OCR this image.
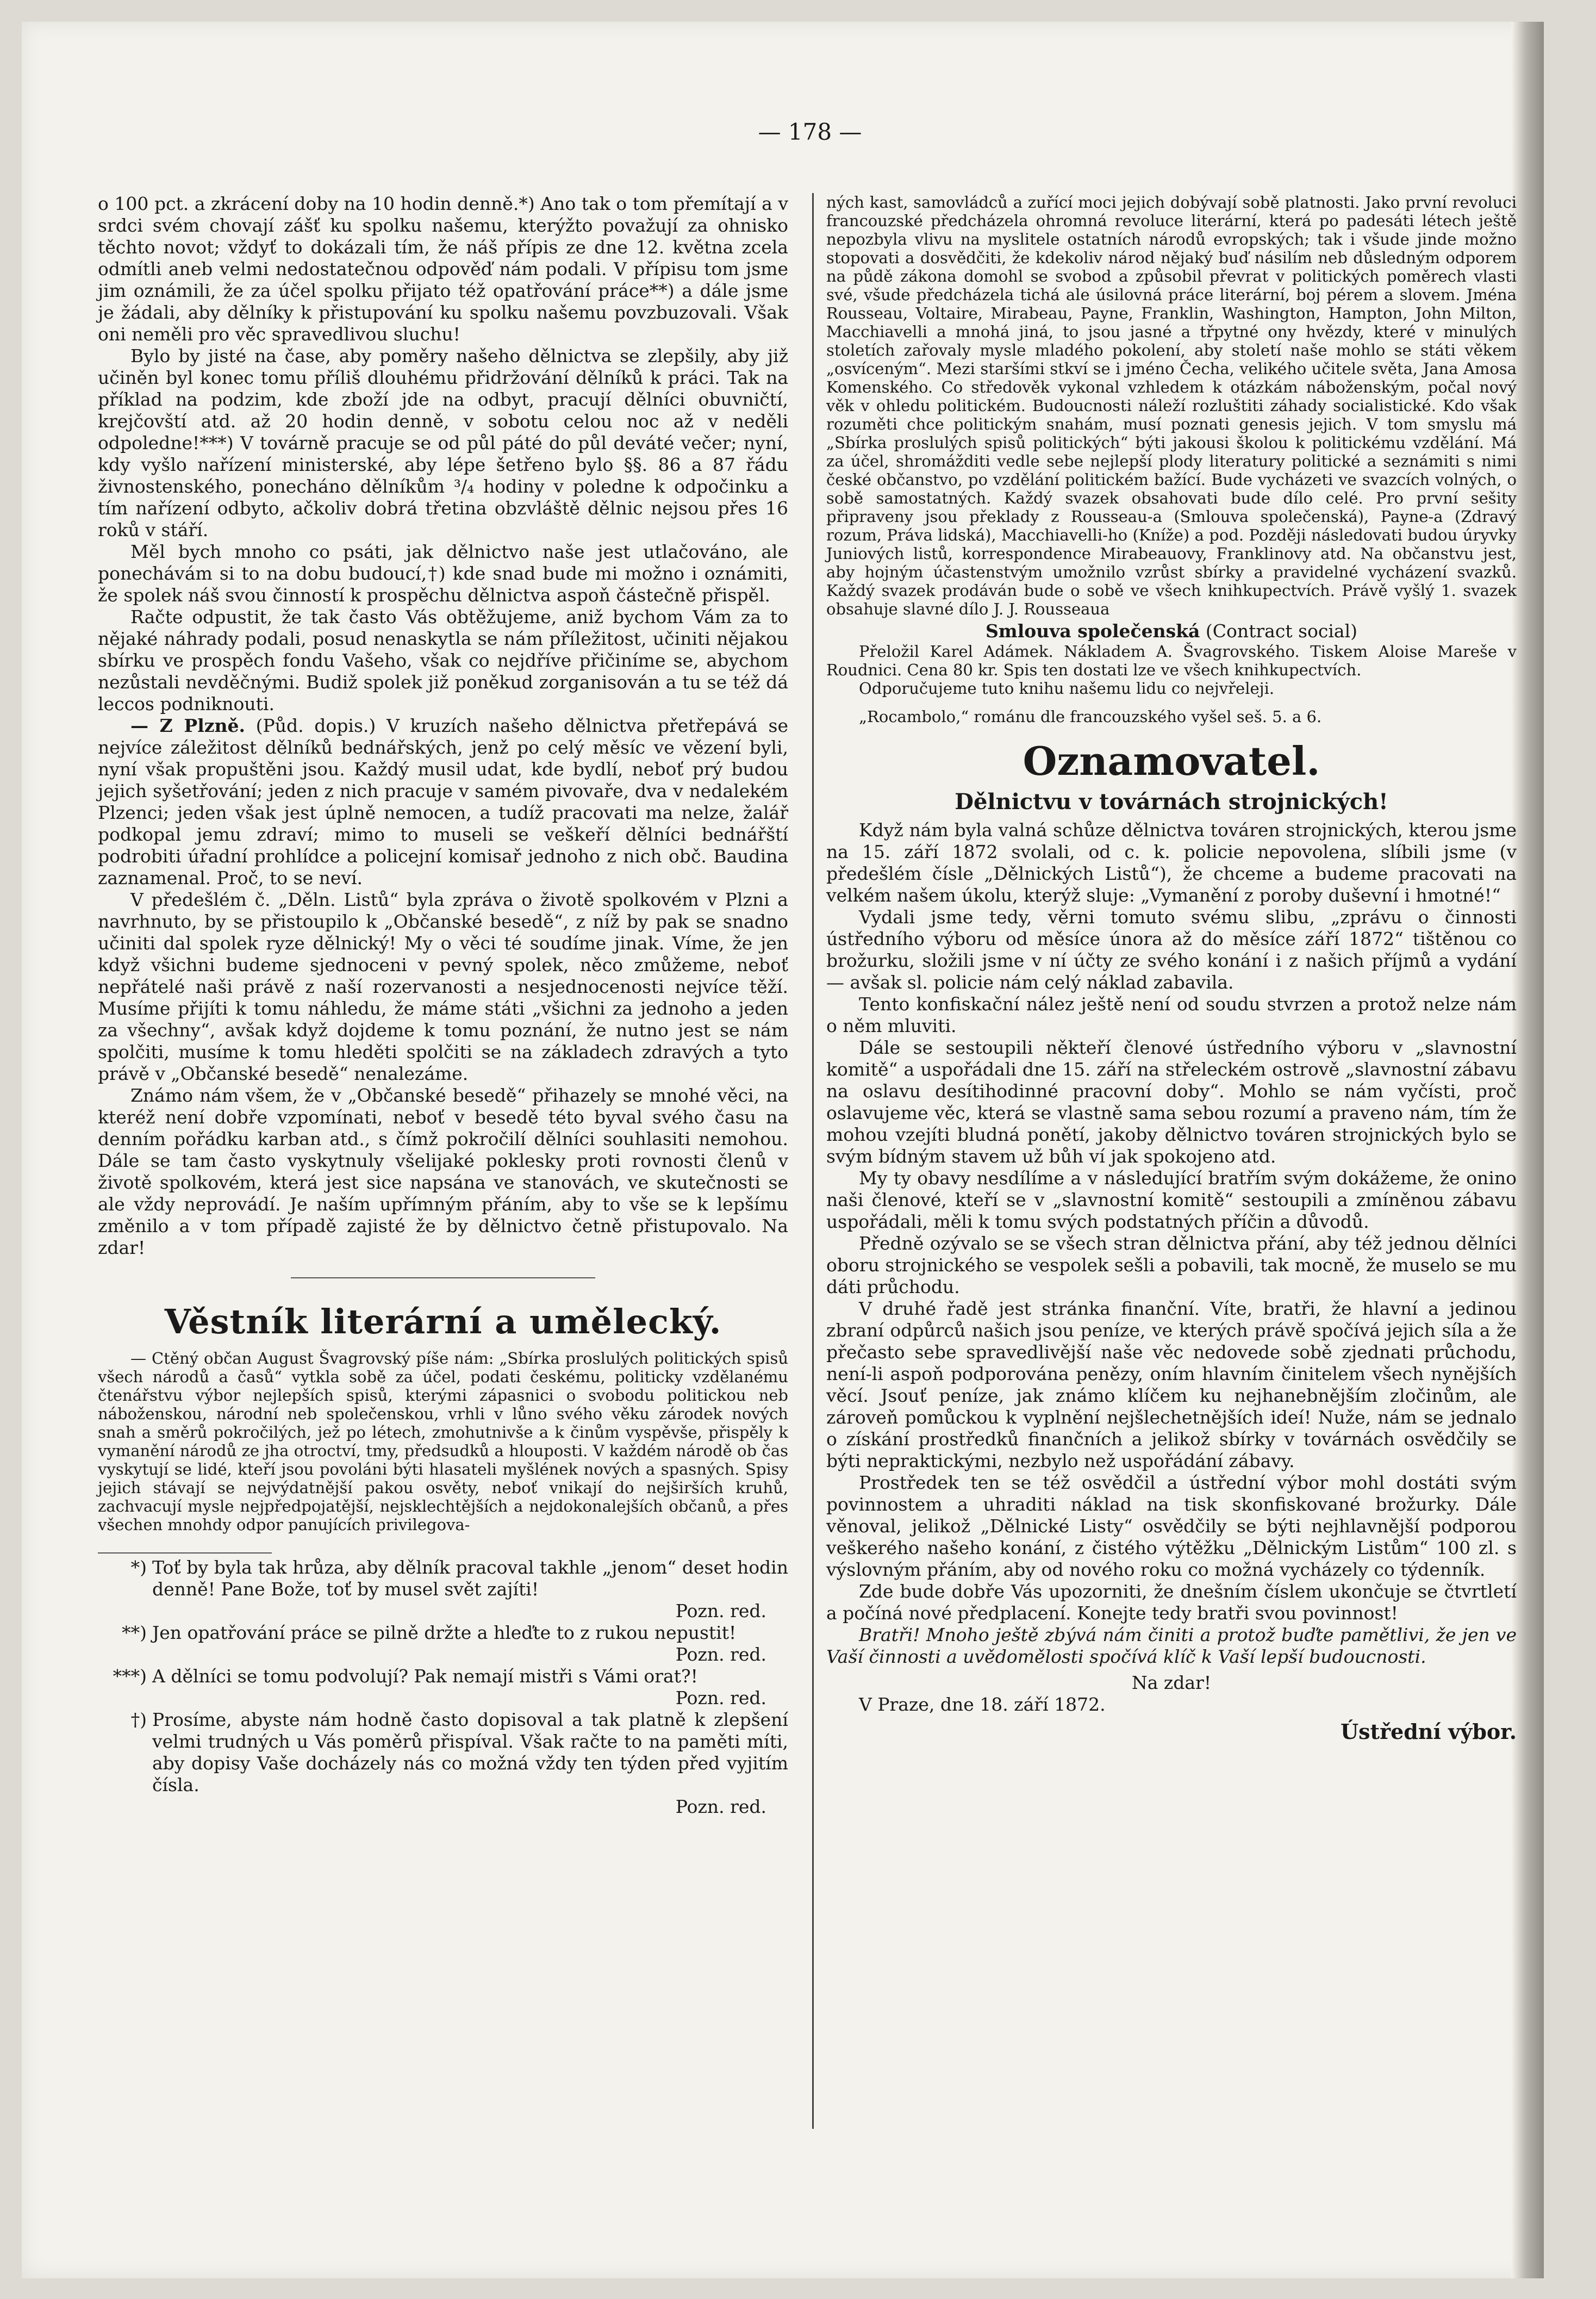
— 178 —

o 100 pct. a zkrácení doby na 10 hodin denně.*) Ano tak o tom přemítají a v srdci svém chovají zášť ku spolku našemu, kterýžto považují za ohnisko těchto novot; vždyť to dokázali tím, že náš přípis ze dne 12. května zcela odmítli aneb velmi nedostatečnou odpověď nám podali. V přípisu tom jsme jim oznámili, že za účel spolku přijato též opatřování práce**) a dále jsme je žádali, aby dělníky k přistupování ku spolku našemu povzbuzovali. Však oni neměli pro věc spravedlivou sluchu!

Bylo by jisté na čase, aby poměry našeho dělnictva se zlepšily, aby již učiněn byl konec tomu příliš dlouhému přidržování dělníků k práci. Tak na příklad na podzim, kde zboží jde na odbyt, pracují dělníci obuvničtí, krejčovští atd. až 20 hodin denně, v sobotu celou noc až v neděli odpoledne!***) V továrně pracuje se od půl páté do půl deváté večer; nyní, kdy vyšlo nařízení ministerské, aby lépe šetřeno bylo §§. 86 a 87 řádu živnostenského, ponecháno dělníkům ³/₄ hodiny v poledne k odpočinku a tím nařízení odbyto, ačkoliv dobrá třetina obzvláště dělnic nejsou přes 16 roků v stáří.

Měl bych mnoho co psáti, jak dělnictvo naše jest utlačováno, ale ponechávám si to na dobu budoucí,†) kde snad bude mi možno i oznámiti, že spolek náš svou činností k prospěchu dělnictva aspoň částečně přispěl.

Račte odpustit, že tak často Vás obtěžujeme, aniž bychom Vám za to nějaké náhrady podali, posud nenaskytla se nám příležitost, učiniti nějakou sbírku ve prospěch fondu Vašeho, však co nejdříve přičiníme se, abychom nezůstali nevděčnými. Budiž spolek již poněkud zorganisován a tu se též dá leccos podniknouti.

— Z Plzně. (Půd. dopis.) V kruzích našeho dělnictva přetřepává se nejvíce záležitost dělníků bednářských, jenž po celý měsíc ve vězení byli, nyní však propuštěni jsou. Každý musil udat, kde bydlí, neboť prý budou jejich syšetřování; jeden z nich pracuje v samém pivovaře, dva v nedalekém Plzenci; jeden však jest úplně nemocen, a tudíž pracovati ma nelze, žalář podkopal jemu zdraví; mimo to museli se veškeří dělníci bednářští podrobiti úřadní prohlídce a policejní komisař jednoho z nich obč. Baudina zaznamenal. Proč, to se neví.

V předešlém č. „Děln. Listů“ byla zpráva o životě spolkovém v Plzni a navrhnuto, by se přistoupilo k „Občanské besedě“, z níž by pak se snadno učiniti dal spolek ryze dělnický! My o věci té soudíme jinak. Víme, že jen když všichni budeme sjednoceni v pevný spolek, něco zmůžeme, neboť nepřátelé naši právě z naší rozervanosti a nesjednocenosti nejvíce těží. Musíme přijíti k tomu náhledu, že máme státi „všichni za jednoho a jeden za všechny“, avšak když dojdeme k tomu poznání, že nutno jest se nám spolčiti, musíme k tomu hleděti spolčiti se na základech zdravých a tyto právě v „Občanské besedě“ nenalezáme.

Známo nám všem, že v „Občanské besedě“ přihazely se mnohé věci, na kteréž není dobře vzpomínati, neboť v besedě této byval svého času na denním pořádku karban atd., s čímž pokročilí dělníci souhlasiti nemohou. Dále se tam často vyskytnuly všelijaké poklesky proti rovnosti členů v životě spolkovém, která jest sice napsána ve stanovách, ve skutečnosti se ale vždy neprovádí. Je naším upřímným přáním, aby to vše se k lepšímu změnilo a v tom případě zajisté že by dělnictvo četně přistupovalo. Na zdar!

Věstník literární a umělecký.

— Ctěný občan August Švagrovský píše nám: „Sbírka proslulých politických spisů všech národů a časů“ vytkla sobě za účel, podati českému, politicky vzdělanému čtenářstvu výbor nejlepších spisů, kterými zápasnici o svobodu politickou neb náboženskou, národní neb společenskou, vrhli v lůno svého věku zárodek nových snah a směrů pokročilých, jež po létech, zmohutnivše a k činům vyspěvše, přispěly k vymanění národů ze jha otroctví, tmy, předsudků a hlouposti. V každém národě ob čas vyskytují se lidé, kteří jsou povoláni býti hlasateli myšlének nových a spasných. Spisy jejich stávají se nejvýdatnější pakou osvěty, neboť vnikají do nejširších kruhů, zachvacují mysle nejpředpojatější, nejsklechtějších a nejdokonalejších občanů, a přes všechen mnohdy odpor panujících privilegova-

*) Toť by byla tak hrůza, aby dělník pracoval takhle „jenom“ deset hodin denně! Pane Bože, toť by musel svět zajíti!

Pozn. red.

**) Jen opatřování práce se pilně držte a hleďte to z rukou nepustit!

Pozn. red.

***) A dělníci se tomu podvolují? Pak nemají mistři s Vámi orat?!

Pozn. red.

†) Prosíme, abyste nám hodně často dopisoval a tak platně k zlepšení velmi trudných u Vás poměrů přispíval. Však račte to na paměti míti, aby dopisy Vaše docházely nás co možná vždy ten týden před vyjitím čísla.

Pozn. red.

ných kast, samovládců a zuřící moci jejich dobývají sobě platnosti. Jako první revoluci francouzské předcházela ohromná revoluce literární, která po padesáti létech ještě nepozbyla vlivu na myslitele ostatních národů evropských; tak i všude jinde možno stopovati a dosvědčiti, že kdekoliv národ nějaký buď násilím neb důsledným odporem na půdě zákona domohl se svobod a způsobil převrat v politických poměrech vlasti své, všude předcházela tichá ale úsilovná práce literární, boj pérem a slovem. Jména Rousseau, Voltaire, Mirabeau, Payne, Franklin, Washington, Hampton, John Milton, Macchiavelli a mnohá jiná, to jsou jasné a třpytné ony hvězdy, které v minulých stoletích zařovaly mysle mladého pokolení, aby století naše mohlo se státi věkem „osvíceným“. Mezi staršími stkví se i jméno Čecha, velikého učitele světa, Jana Amosa Komenského. Co středověk vykonal vzhledem k otázkám náboženským, počal nový věk v ohledu politickém. Budoucnosti náleží rozluštiti záhady socialistické. Kdo však rozuměti chce politickým snahám, musí poznati genesis jejich. V tom smyslu má „Sbírka proslulých spisů politických“ býti jakousi školou k politickému vzdělání. Má za účel, shromážditi vedle sebe nejlepší plody literatury politické a seznámiti s nimi české občanstvo, po vzdělání politickém bažící. Bude vycházeti ve svazcích volných, o sobě samostatných. Každý svazek obsahovati bude dílo celé. Pro první sešity připraveny jsou překlady z Rousseau-a (Smlouva společenská), Payne-a (Zdravý rozum, Práva lidská), Macchiavelli-ho (Kníže) a pod. Později následovati budou úryvky Juniových listů, korrespondence Mirabeauovy, Franklinovy atd. Na občanstvu jest, aby hojným účastenstvým umožnilo vzrůst sbírky a pravidelné vycházení svazků. Každý svazek prodáván bude o sobě ve všech knihkupectvích. Právě vyšlý 1. svazek obsahuje slavné dílo J. J. Rousseaua

Smlouva společenská (Contract social)

Přeložil Karel Adámek. Nákladem A. Švagrovského. Tiskem Aloise Mareše v Roudnici. Cena 80 kr. Spis ten dostati lze ve všech knihkupectvích.

Odporučujeme tuto knihu našemu lidu co nejvřeleji.

„Rocambolo,“ románu dle francouzského vyšel seš. 5. a 6.

Oznamovatel.
Dělnictvu v továrnách strojnických!

Když nám byla valná schůze dělnictva továren strojnických, kterou jsme na 15. září 1872 svolali, od c. k. policie nepovolena, slíbili jsme (v předešlém čísle „Dělnických Listů“), že chceme a budeme pracovati na velkém našem úkolu, kterýž sluje: „Vymanění z poroby duševní i hmotné!“

Vydali jsme tedy, věrni tomuto svému slibu, „zprávu o činnosti ústředního výboru od měsíce února až do měsíce září 1872“ tištěnou co brožurku, složili jsme v ní účty ze svého konání i z našich příjmů a vydání — avšak sl. policie nám celý náklad zabavila.

Tento konfiskační nález ještě není od soudu stvrzen a protož nelze nám o něm mluviti.

Dále se sestoupili někteří členové ústředního výboru v „slavnostní komitě“ a uspořádali dne 15. září na střeleckém ostrově „slavnostní zábavu na oslavu desítihodinné pracovní doby“. Mohlo se nám vyčísti, proč oslavujeme věc, která se vlastně sama sebou rozumí a praveno nám, tím že mohou vzejíti bludná ponětí, jakoby dělnictvo továren strojnických bylo se svým bídným stavem už bůh ví jak spokojeno atd.

My ty obavy nesdílíme a v následující bratřím svým dokážeme, že onino naši členové, kteří se v „slavnostní komitě“ sestoupili a zmíněnou zábavu uspořádali, měli k tomu svých podstatných příčin a důvodů.

Předně ozývalo se se všech stran dělnictva přání, aby též jednou dělníci oboru strojnického se vespolek sešli a pobavili, tak mocně, že muselo se mu dáti průchodu.

V druhé řadě jest stránka finanční. Víte, bratři, že hlavní a jedinou zbraní odpůrců našich jsou peníze, ve kterých právě spočívá jejich síla a že přečasto sebe spravedlivější naše věc nedovede sobě zjednati průchodu, není-li aspoň podporována penězy, oním hlavním činitelem všech nynějších věcí. Jsouť peníze, jak známo klíčem ku nejhanebnějším zločinům, ale zároveň pomůckou k vyplnění nejšlechetnějších ideí! Nuže, nám se jednalo o získání prostředků finančních a jelikož sbírky v továrnách osvědčily se býti nepraktickými, nezbylo než uspořádání zábavy.

Prostředek ten se též osvědčil a ústřední výbor mohl dostáti svým povinnostem a uhraditi náklad na tisk skonfiskované brožurky. Dále věnoval, jelikož „Dělnické Listy“ osvědčily se býti nejhlavnější podporou veškerého našeho konání, z čistého výtěžku „Dělnickým Listům“ 100 zl. s výslovným přáním, aby od nového roku co možná vycházely co týdenník.

Zde bude dobře Vás upozorniti, že dnešním číslem ukončuje se čtvrtletí a počíná nové předplacení. Konejte tedy bratři svou povinnost!

Bratři! Mnoho ještě zbývá nám činiti a protož buďte pamětlivi, že jen ve Vaší činnosti a uvědomělosti spočívá klíč k Vaší lepší budoucnosti.

Na zdar!

V Praze, dne 18. září 1872.

Ústřední výbor.
